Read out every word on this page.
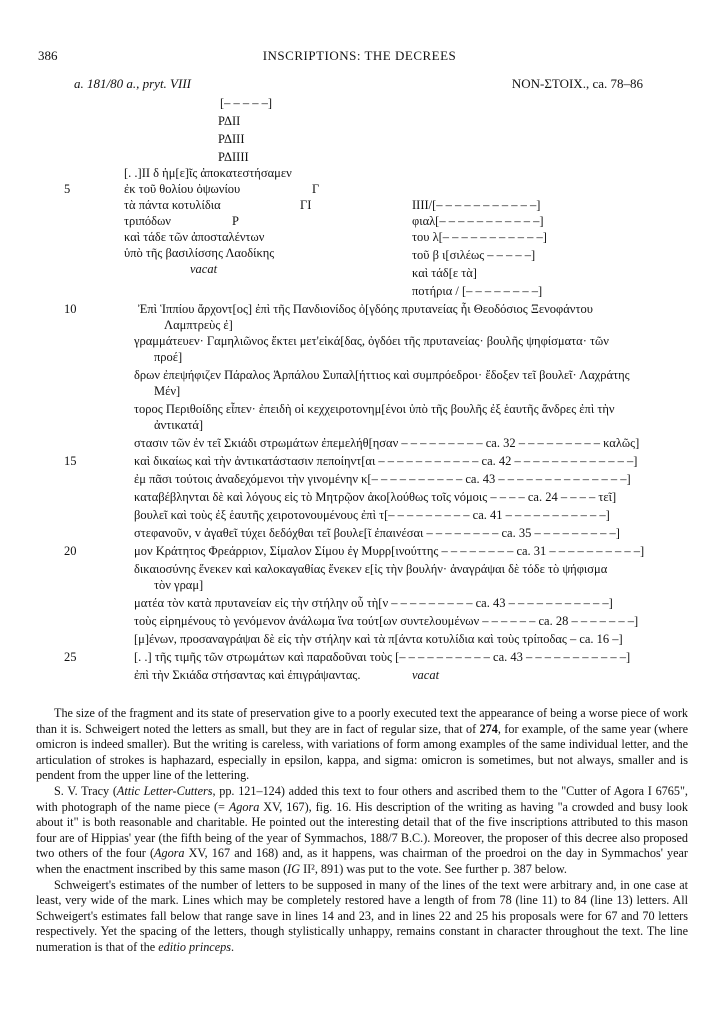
386	INSCRIPTIONS: THE DECREES
a. 181/80 a., pryt. VIII	NON-ΣΤΟΙΧ., ca. 78–86
[– – – – –]
ΡΔΙΙ
ΡΔΙΙΙ
ΡΔΙΙΙΙ
[. .]ΙΙ δ ἡμ[ε]ῖς ἀποκατεστήσαμεν
5	ἐκ τοῦ θολίου ὀψωνίου	Γ
τὰ πάντα κοτυλίδια	ΓΙ
τριπόδων	Ρ
καὶ τάδε τῶν ἀποσταλέντων
ὑπὸ τῆς βασιλίσσης Λαοδίκης
vacat
ΙΙΙΙ/[– – – – – – – – – – –]
φιαλ[– – – – – – – – – – –]
του λ[– – – – – – – – – – –]
τοῦ β ι[σιλέως – – – – –]
καὶ τάδ[ε τὰ]
ποτήρια / [– – – – – – – –]
10	Ἐπὶ Ἱππίου ἄρχοντ[ος] ἐπὶ τῆς Πανδιονίδος ὀ[γδόης πρυτανείας ἧι Θεοδόσιος Ξενοφάντου
Λαμπτρεὺς ἐ]
γραμμάτευεν· Γαμηλιῶνος ἔκτει μετ'εἰκά[δας, ὀγδόει τῆς πρυτανείας· βουλῆς ψηφίσματα· τῶν
προέ]
δρων ἐπεψήφιζεν Πάραλος Ἁρπάλου Συπαλ[ήττιος καὶ συμπρόεδροι· ἔδοξεν τεῖ βουλεῖ· Λαχράτης
Μέν]
τορος Περιθοίδης εἶπεν· ἐπειδὴ οἱ κεχχειροτονημ[ένοι ὑπὸ τῆς βουλῆς ἐξ ἑαυτῆς ἄνδρες ἐπὶ τὴν
ἀντικατά]
στασιν τῶν ἐν τεῖ Σκιάδι στρωμάτων ἐπεμελήθ[ησαν – – – – – – – – – ca. 32 – – – – – – – – – καλῶς]
15	καὶ δικαίως καὶ τὴν ἀντικατάστασιν πεποίηντ[αι – – – – – – – – – – – ca. 42 – – – – – – – – – – – – –]
ἐμ πᾶσι τούτοις ἀναδεχόμενοι τὴν γινομένην κ[– – – – – – – – – – ca. 43 – – – – – – – – – – – – – –]
καταβέβληνται δὲ καὶ λόγους εἰς τὸ Μητρῷον ἀκο[λούθως τοῖς νόμοις – – – – ca. 24 – – – – τεῖ]
βουλεῖ καὶ τοὺς ἐξ ἑαυτῆς χειροτονουμένους ἐπὶ τ[– – – – – – – – – ca. 41 – – – – – – – – – – –]
στεφανοῦν, v ἀγαθεῖ τύχει δεδόχθαι τεῖ βουλε[ῖ ἐπαινέσαι – – – – – – – – ca. 35 – – – – – – – – –]
20	μον Κράτητος Φρεάρριον, Σίμαλον Σίμου ἐγ Μυρρ[ινούττης – – – – – – – – ca. 31 – – – – – – – – – –]
δικαιοσύνης ἕνεκεν καὶ καλοκαγαθίας ἕνεκεν ε[ἰς τὴν βουλήν· ἀναγράψαι δὲ τόδε τὸ ψήφισμα
τὸν γραμ]
ματέα τὸν κατὰ πρυτανείαν εἰς τὴν στήλην οὗ τὴ[ν – – – – – – – – – ca. 43 – – – – – – – – – – –]
τοὺς εἰρημένους τὸ γενόμενον ἀνάλωμα ἵνα τούτ[ων συντελουμένων – – – – – – ca. 28 – – – – – – –]
[μ]ένων, προσαναγράψαι δὲ εἰς τὴν στήλην καὶ τὰ π[άντα κοτυλίδια καὶ τοὺς τρίποδας – ca. 16 –]
25	[. .] τῆς τιμῆς τῶν στρωμάτων καὶ παραδοῦναι τοὺς [– – – – – – – – – – ca. 43 – – – – – – – – – – –]
ἐπὶ τὴν Σκιάδα στήσαντας καὶ ἐπιγράψαντας.	vacat

The size of the fragment and its state of preservation give to a poorly executed text the appearance of being a worse piece of work than it is. Schweigert noted the letters as small, but they are in fact of regular size, that of 274, for example, of the same year (where omicron is indeed smaller). But the writing is careless, with variations of form among examples of the same individual letter, and the articulation of strokes is haphazard, especially in epsilon, kappa, and sigma: omicron is sometimes, but not always, smaller and is pendent from the upper line of the lettering.

S. V. Tracy (Attic Letter-Cutters, pp. 121–124) added this text to four others and ascribed them to the "Cutter of Agora I 6765", with photograph of the name piece (= Agora XV, 167), fig. 16. His description of the writing as having "a crowded and busy look about it" is both reasonable and charitable. He pointed out the interesting detail that of the five inscriptions attributed to this mason four are of Hippias' year (the fifth being of the year of Symmachos, 188/7 B.C.). Moreover, the proposer of this decree also proposed two others of the four (Agora XV, 167 and 168) and, as it happens, was chairman of the proedroi on the day in Symmachos' year when the enactment inscribed by this same mason (IG II², 891) was put to the vote. See further p. 387 below.

Schweigert's estimates of the number of letters to be supposed in many of the lines of the text were arbitrary and, in one case at least, very wide of the mark. Lines which may be completely restored have a length of from 78 (line 11) to 84 (line 13) letters. All Schweigert's estimates fall below that range save in lines 14 and 23, and in lines 22 and 25 his proposals were for 67 and 70 letters respectively. Yet the spacing of the letters, though stylistically unhappy, remains constant in character throughout the text. The line numeration is that of the editio princeps.
